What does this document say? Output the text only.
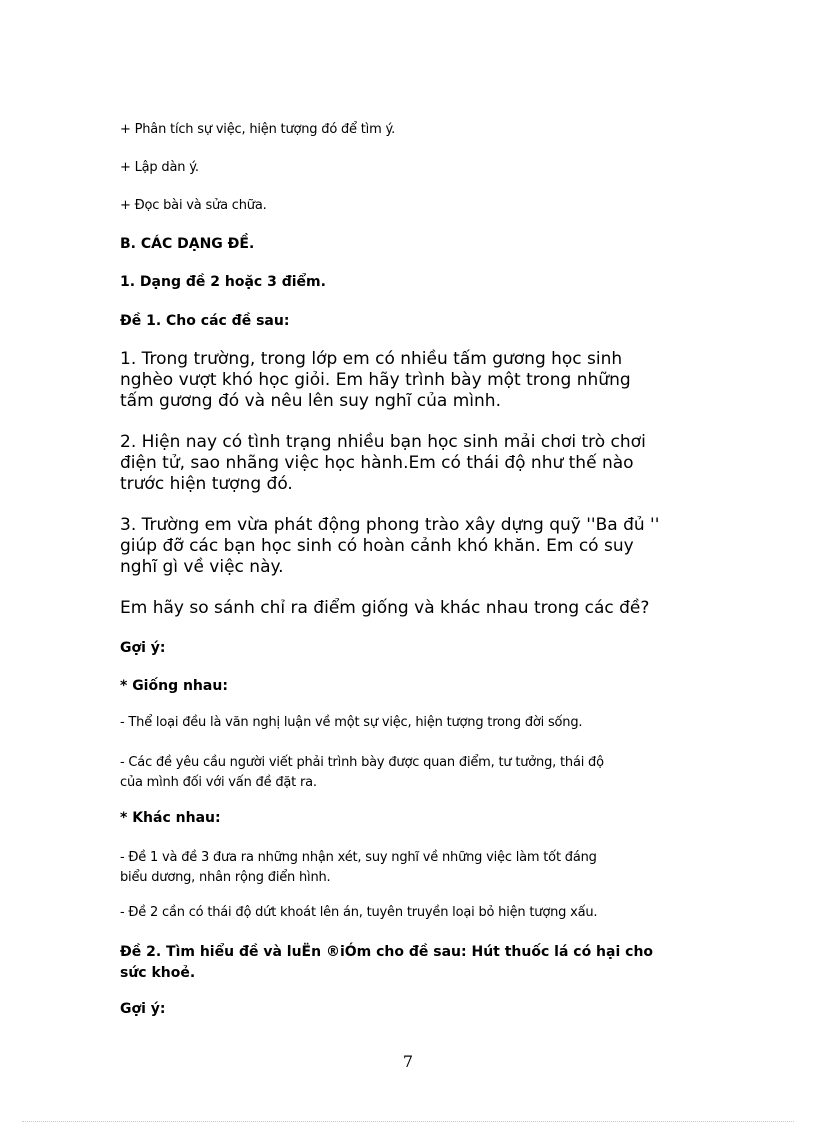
+ Phân tích sự việc, hiện tượng đó để tìm ý.
+ Lập dàn ý.
+ Đọc bài và sửa chữa.
B. CÁC DẠNG ĐỀ.
1. Dạng đề 2 hoặc 3 điểm.
Đề 1. Cho các đề sau:
1. Trong trường, trong lớp em có nhiều tấm gương học sinh
nghèo vượt khó học giỏi. Em hãy trình bày một trong những
tấm gương đó và nêu lên suy nghĩ của mình.
2. Hiện nay có tình trạng nhiều bạn học sinh mải chơi trò chơi
điện tử, sao nhãng việc học hành.Em có thái độ như thế nào
trước hiện tượng đó.
3. Trường em vừa phát động phong trào xây dựng quỹ ''Ba đủ ''
giúp đỡ các bạn học sinh có hoàn cảnh khó khăn. Em có suy
nghĩ gì về việc này.
Em hãy so sánh chỉ ra điểm giống và khác nhau trong các đề?
Gợi ý:
* Giống nhau:
- Thể loại đều là văn nghị luận về một sự việc, hiện tượng trong đời sống.
- Các đề yêu cầu người viết phải trình bày được quan điểm, tư tưởng, thái độ
của mình đối với vấn đề đặt ra.
* Khác nhau:
- Đề 1 và đề 3 đưa ra những nhận xét, suy nghĩ về những việc làm tốt đáng
biểu dương, nhân rộng điển hình.
- Đề 2 cần có thái độ dứt khoát lên án, tuyên truyền loại bỏ hiện tượng xấu.
Đề 2. Tìm hiểu đề và luËn ®iÓm cho đề sau: Hút thuốc lá có hại cho
sức khoẻ.
Gợi ý:
7
